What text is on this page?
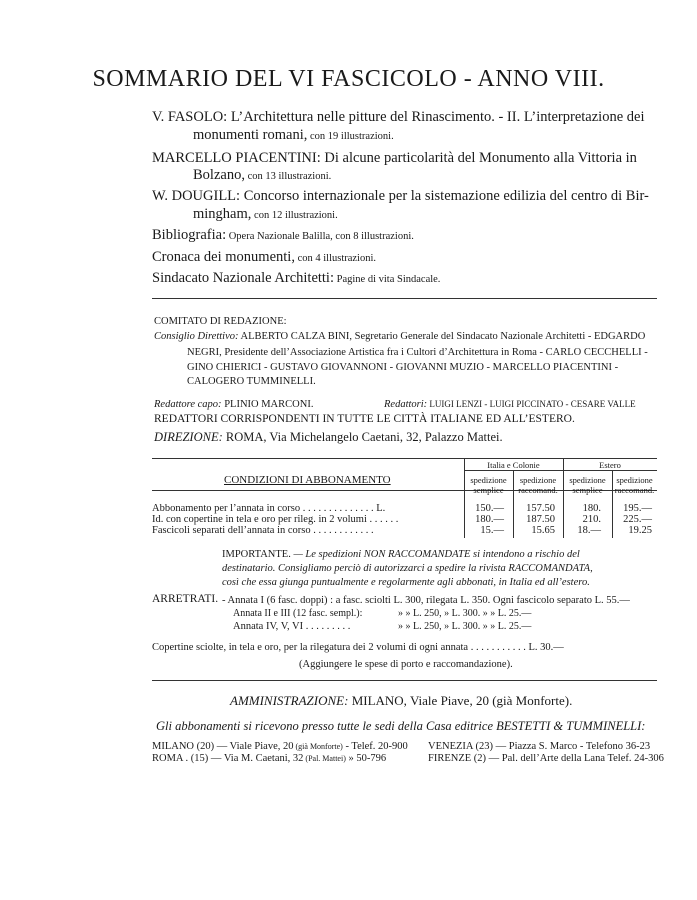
SOMMARIO DEL VI FASCICOLO - ANNO VIII.
V. FASOLO: L’Architettura nelle pitture del Rinascimento. - II. L’interpretazione dei
monumenti romani, con 19 illustrazioni.
MARCELLO PIACENTINI: Di alcune particolarità del Monumento alla Vittoria in
Bolzano, con 13 illustrazioni.
W. DOUGILL: Concorso internazionale per la sistemazione edilizia del centro di Bir-
mingham, con 12 illustrazioni.
Bibliografia: Opera Nazionale Balilla, con 8 illustrazioni.
Cronaca dei monumenti, con 4 illustrazioni.
Sindacato Nazionale Architetti: Pagine di vita Sindacale.
COMITATO DI REDAZIONE:
Consiglio Direttivo: ALBERTO CALZA BINI, Segretario Generale del Sindacato Nazionale Architetti - EDGARDO
NEGRI, Presidente dell’Associazione Artistica fra i Cultori d’Architettura in Roma - CARLO CECCHELLI -
GINO CHIERICI - GUSTAVO GIOVANNONI - GIOVANNI MUZIO - MARCELLO PIACENTINI -
CALOGERO TUMMINELLI.
Redattore capo: PLINIO MARCONI.	Redattori: LUIGI LENZI - LUIGI PICCINATO - CESARE VALLE
REDATTORI CORRISPONDENTI IN TUTTE LE CITTÀ ITALIANE ED ALL’ESTERO.
DIREZIONE: ROMA, Via Michelangelo Caetani, 32, Palazzo Mattei.
CONDIZIONI DI ABBONAMENTO
Italia e Colonie	Estero
spedizione semplice
spedizione raccomand.
spedizione semplice
spedizione raccomand.
Abbonamento per l’annata in corso . . . . . . . . . . . . . . L.	150.—	157.50	180.	195.—
Id. con copertine in tela e oro per rileg. in 2 volumi . . . . . .	180.—	187.50	210.	225.—
Fascicoli separati dell’annata in corso . . . . . . . . . . . .	15.—	15.65	18.—	19.25
IMPORTANTE. — Le spedizioni NON RACCOMANDATE si intendono a rischio del
destinatario. Consigliamo perciò di autorizzarci a spedire la rivista RACCOMANDATA,
così che essa giunga puntualmente e regolarmente agli abbonati, in Italia ed all’estero.
ARRETRATI. - Annata I (6 fasc. doppi) : a fasc. sciolti L. 300, rilegata L. 350. Ogni fascicolo separato L. 55.—
Annata II e III (12 fasc. sempl.):	» » L. 250, » L. 300. » » L. 25.—
Annata IV, V, VI . . . . . . . . .	» » L. 250, » L. 300. » » L. 25.—
Copertine sciolte, in tela e oro, per la rilegatura dei 2 volumi di ogni annata . . . . . . . . . . . L. 30.—
(Aggiungere le spese di porto e raccomandazione).
AMMINISTRAZIONE: MILANO, Viale Piave, 20 (già Monforte).
Gli abbonamenti si ricevono presso tutte le sedi della Casa editrice BESTETTI & TUMMINELLI:
MILANO (20) — Viale Piave, 20 (già Monforte) - Telef. 20-900
ROMA . (15) — Via M. Caetani, 32 (Pal. Mattei) » 50-796
VENEZIA (23) — Piazza S. Marco - Telefono 36-23
FIRENZE (2) — Pal. dell’Arte della Lana Telef. 24-306
